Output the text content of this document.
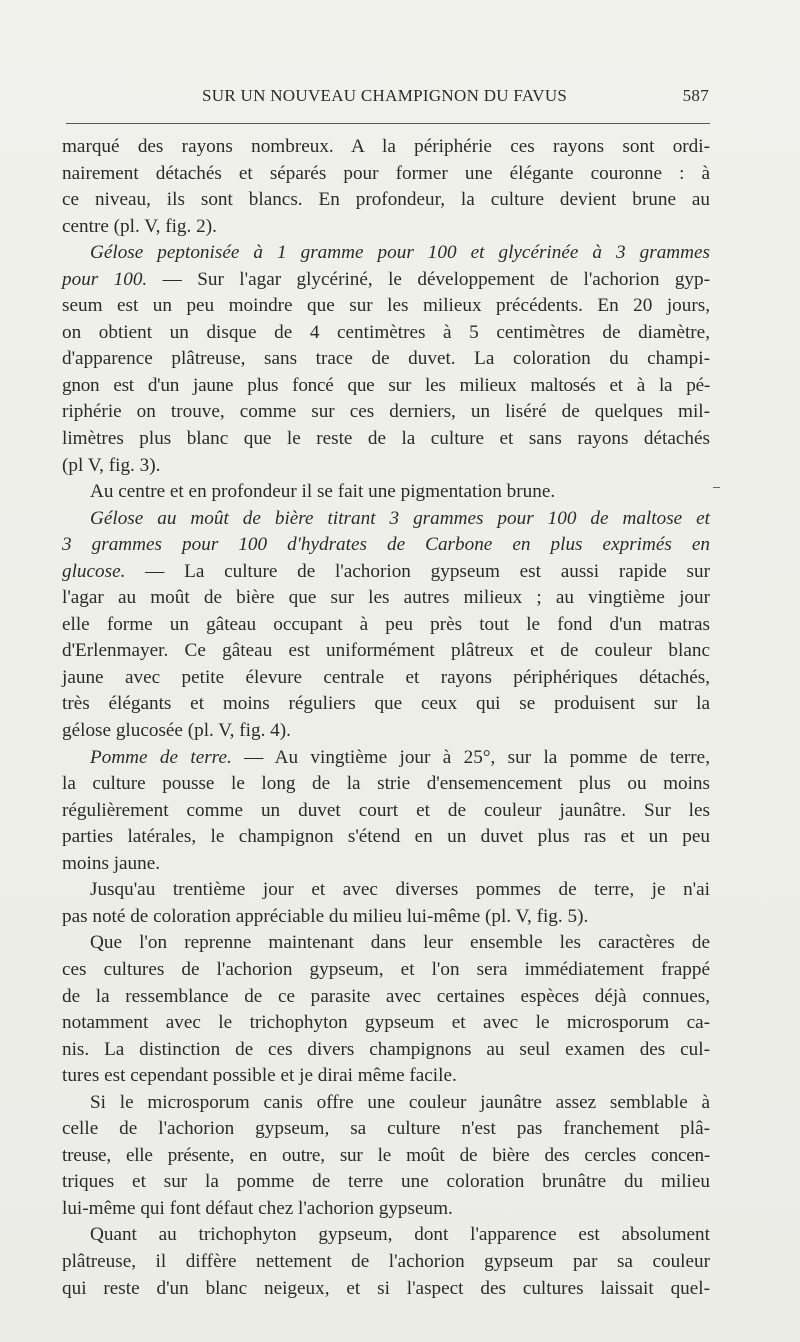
SUR UN NOUVEAU CHAMPIGNON DU FAVUS	587
marqué des rayons nombreux. A la périphérie ces rayons sont ordi-
nairement détachés et séparés pour former une élégante couronne : à
ce niveau, ils sont blancs. En profondeur, la culture devient brune au
centre (pl. V, fig. 2).
Gélose peptonisée à 1 gramme pour 100 et glycérinée à 3 grammes
pour 100. — Sur l'agar glycériné, le développement de l'achorion gyp-
seum est un peu moindre que sur les milieux précédents. En 20 jours,
on obtient un disque de 4 centimètres à 5 centimètres de diamètre,
d'apparence plâtreuse, sans trace de duvet. La coloration du champi-
gnon est d'un jaune plus foncé que sur les milieux maltosés et à la pé-
riphérie on trouve, comme sur ces derniers, un liséré de quelques mil-
limètres plus blanc que le reste de la culture et sans rayons détachés
(pl V, fig. 3).
Au centre et en profondeur il se fait une pigmentation brune.
Gélose au moût de bière titrant 3 grammes pour 100 de maltose et
3 grammes pour 100 d'hydrates de Carbone en plus exprimés en
glucose. — La culture de l'achorion gypseum est aussi rapide sur
l'agar au moût de bière que sur les autres milieux ; au vingtième jour
elle forme un gâteau occupant à peu près tout le fond d'un matras
d'Erlenmayer. Ce gâteau est uniformément plâtreux et de couleur blanc
jaune avec petite élevure centrale et rayons périphériques détachés,
très élégants et moins réguliers que ceux qui se produisent sur la
gélose glucosée (pl. V, fig. 4).
Pomme de terre. — Au vingtième jour à 25°, sur la pomme de terre,
la culture pousse le long de la strie d'ensemencement plus ou moins
régulièrement comme un duvet court et de couleur jaunâtre. Sur les
parties latérales, le champignon s'étend en un duvet plus ras et un peu
moins jaune.
Jusqu'au trentième jour et avec diverses pommes de terre, je n'ai
pas noté de coloration appréciable du milieu lui-même (pl. V, fig. 5).
Que l'on reprenne maintenant dans leur ensemble les caractères de
ces cultures de l'achorion gypseum, et l'on sera immédiatement frappé
de la ressemblance de ce parasite avec certaines espèces déjà connues,
notamment avec le trichophyton gypseum et avec le microsporum ca-
nis. La distinction de ces divers champignons au seul examen des cul-
tures est cependant possible et je dirai même facile.
Si le microsporum canis offre une couleur jaunâtre assez semblable à
celle de l'achorion gypseum, sa culture n'est pas franchement plâ-
treuse, elle présente, en outre, sur le moût de bière des cercles concen-
triques et sur la pomme de terre une coloration brunâtre du milieu
lui-même qui font défaut chez l'achorion gypseum.
Quant au trichophyton gypseum, dont l'apparence est absolument
plâtreuse, il diffère nettement de l'achorion gypseum par sa couleur
qui reste d'un blanc neigeux, et si l'aspect des cultures laissait quel-
